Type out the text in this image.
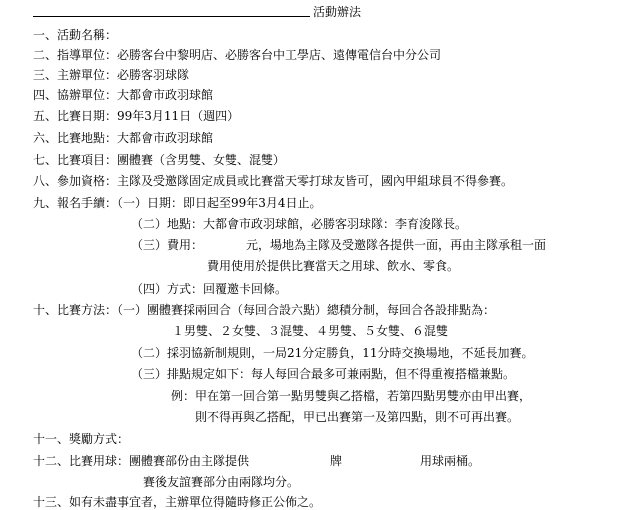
活動辦法
一、活動名稱：
二、指導單位：必勝客台中黎明店、必勝客台中工學店、遠傳電信台中分公司
三、主辦單位：必勝客羽球隊
四、協辦單位：大都會市政羽球館
五、比賽日期：99年3月11日（週四）
六、比賽地點：大都會市政羽球館
七、比賽項目：團體賽（含男雙、女雙、混雙）
八、參加資格：主隊及受邀隊固定成員或比賽當天零打球友皆可，國內甲組球員不得參賽。
九、報名手續：（一）日期：即日起至99年3月4日止。
（二）地點：大都會市政羽球館，必勝客羽球隊：李育浚隊長。
（三）費用：	元，場地為主隊及受邀隊各提供一面，再由主隊承租一面
費用使用於提供比賽當天之用球、飲水、零食。
（四）方式：回覆邀卡回條。
十、比賽方法：（一）團體賽採兩回合（每回合設六點）總積分制，每回合各設排點為：
１男雙、２女雙、３混雙、４男雙、５女雙、６混雙
（二）採羽協新制規則，一局21分定勝負，11分時交換場地，不延長加賽。
（三）排點規定如下：每人每回合最多可兼兩點，但不得重複搭檔兼點。
例：甲在第一回合第一點男雙與乙搭檔，若第四點男雙亦由甲出賽，
則不得再與乙搭配，甲已出賽第一及第四點，則不可再出賽。
十一、獎勵方式：
十二、比賽用球：團體賽部份由主隊提供	牌	用球兩桶。
賽後友誼賽部分由兩隊均分。
十三、如有未盡事宜者，主辦單位得隨時修正公佈之。
